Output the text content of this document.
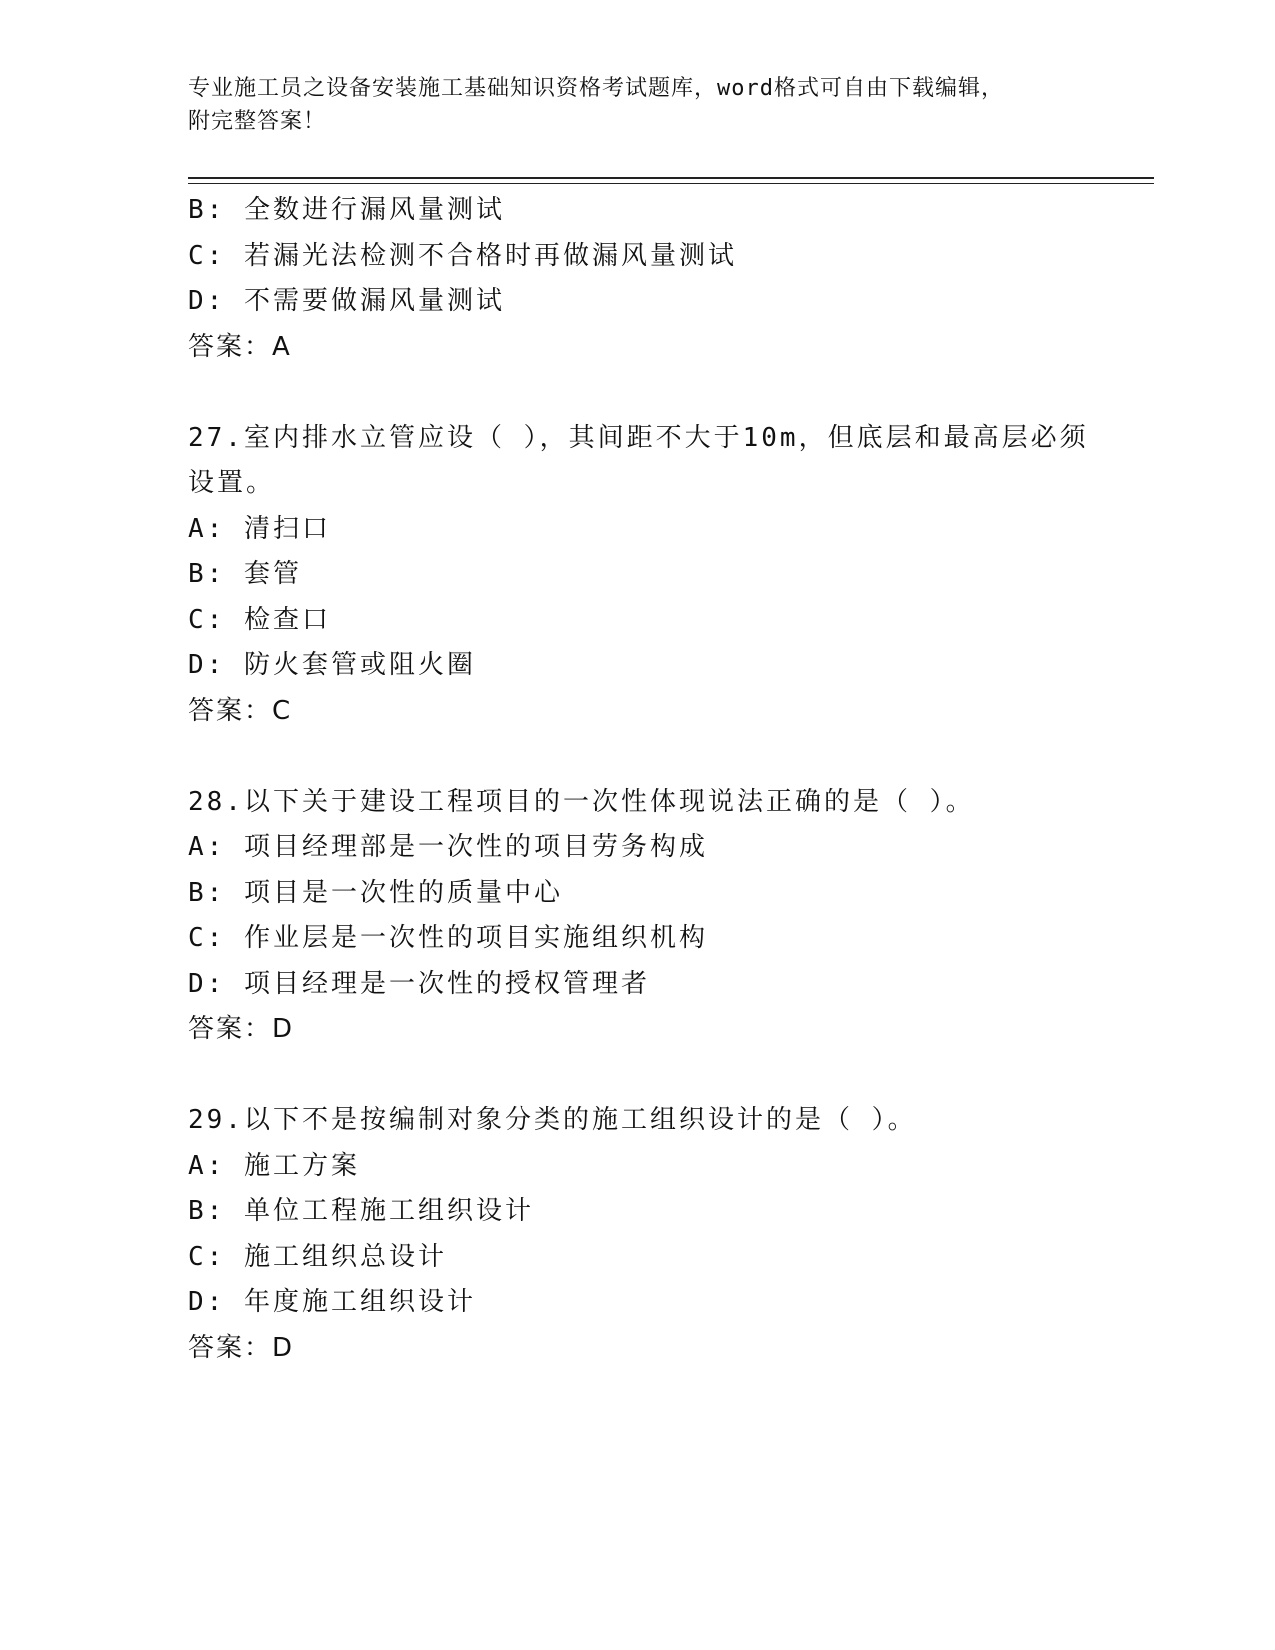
专业施工员之设备安装施工基础知识资格考试题库，word格式可自由下载编辑，
附完整答案！
B: 全数进行漏风量测试
C: 若漏光法检测不合格时再做漏风量测试
D: 不需要做漏风量测试
答案：A
27.室内排水立管应设（ ），其间距不大于10m，但底层和最高层必须
设置。
A: 清扫口
B: 套管
C: 检查口
D: 防火套管或阻火圈
答案：C
28.以下关于建设工程项目的一次性体现说法正确的是（ ）。
A: 项目经理部是一次性的项目劳务构成
B: 项目是一次性的质量中心
C: 作业层是一次性的项目实施组织机构
D: 项目经理是一次性的授权管理者
答案：D
29.以下不是按编制对象分类的施工组织设计的是（ ）。
A: 施工方案
B: 单位工程施工组织设计
C: 施工组织总设计
D: 年度施工组织设计
答案：D
